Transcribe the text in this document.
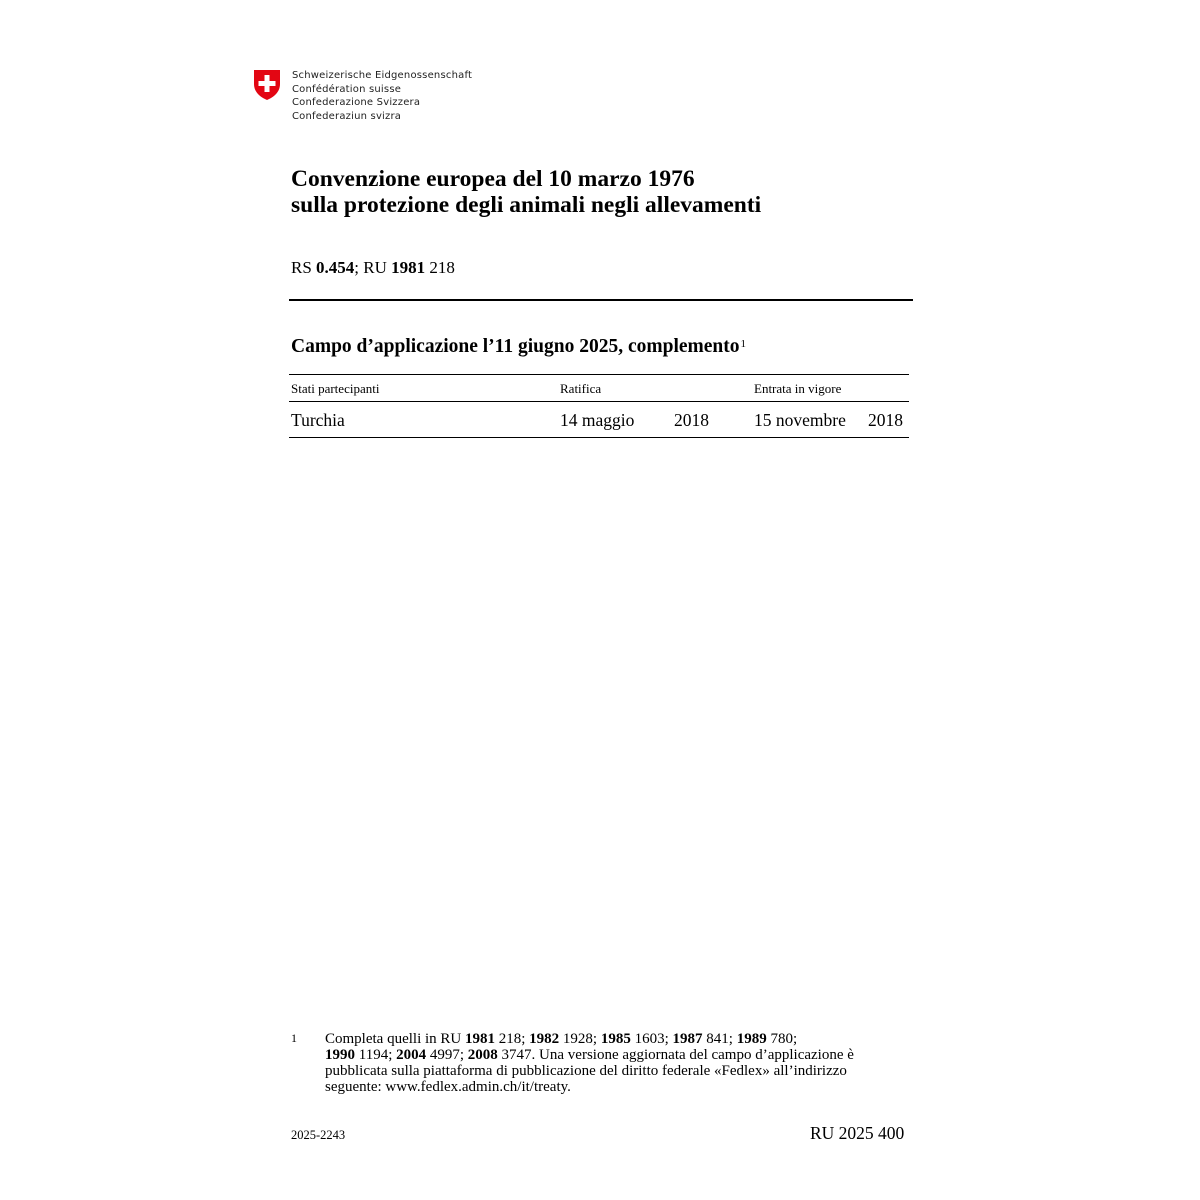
Schweizerische Eidgenossenschaft
Confédération suisse
Confederazione Svizzera
Confederaziun svizra
Convenzione europea del 10 marzo 1976
sulla protezione degli animali negli allevamenti
RS 0.454; RU 1981 218
Campo d’applicazione l’11 giugno 2025, complemento$^1$
Stati partecipanti	Ratifica	Entrata in vigore
Turchia	14 maggio 2018	15 novembre 2018
1 Completa quelli in RU 1981 218; 1982 1928; 1985 1603; 1987 841; 1989 780;
1990 1194; 2004 4997; 2008 3747. Una versione aggiornata del campo d’applicazione è
pubblicata sulla piattaforma di pubblicazione del diritto federale «Fedlex» all’indirizzo
seguente: www.fedlex.admin.ch/it/treaty.
2025-2243	RU 2025 400
